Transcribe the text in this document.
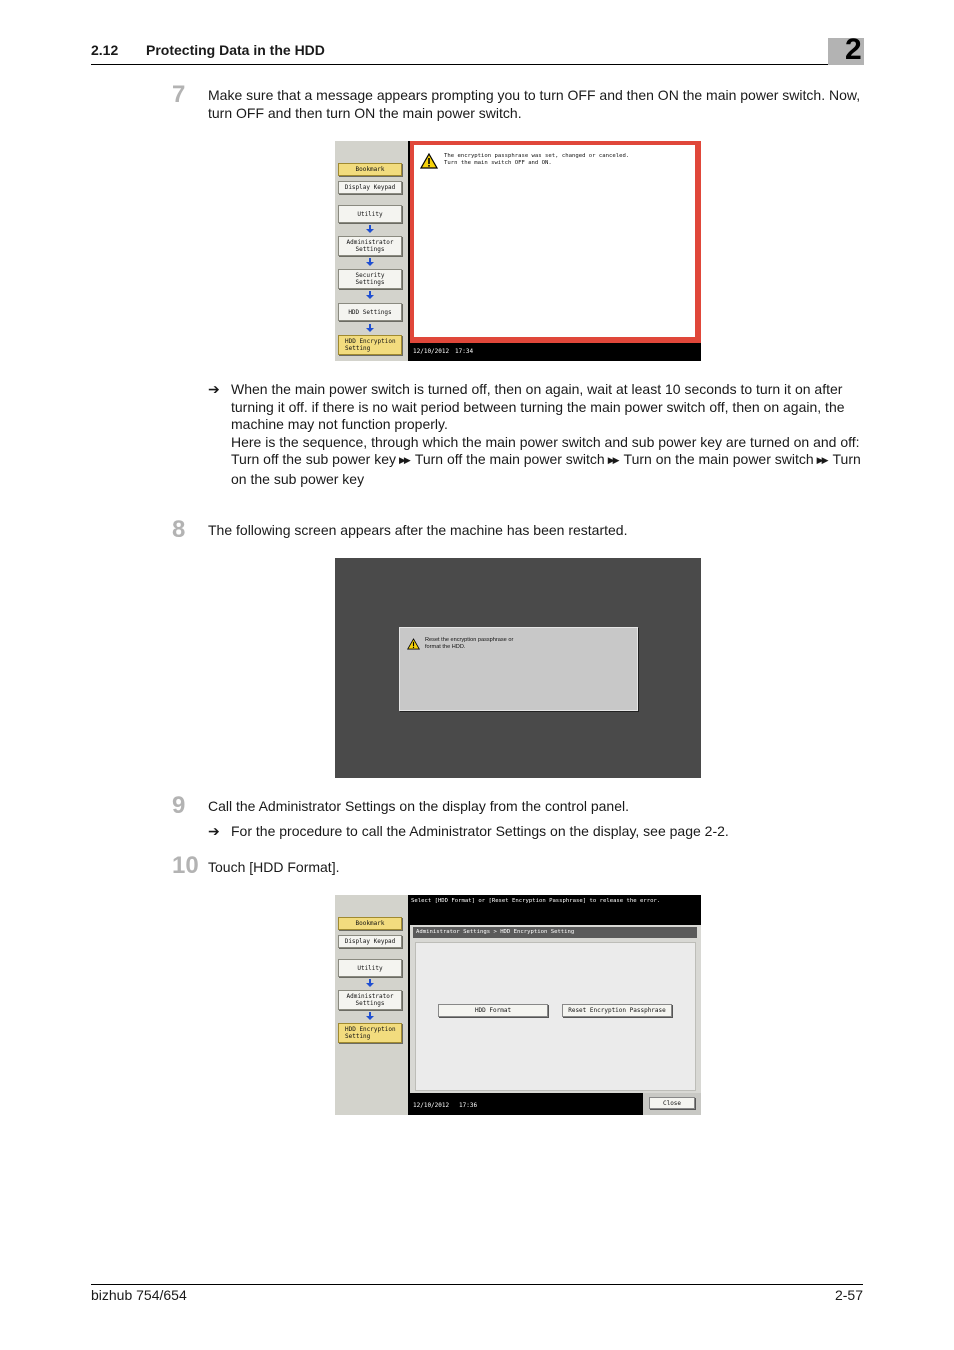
2.12 Protecting Data in the HDD	2
7 Make sure that a message appears prompting you to turn OFF and then ON the main power switch. Now, turn OFF and then turn ON the main power switch.
Bookmark
Display Keypad
Utility
Administrator
Settings
Security
Settings
HDD Settings
HDD Encryption
Setting
The encryption passphrase was set, changed or canceled.
Turn the main switch OFF and ON.
12/10/2012 17:34
➔ When the main power switch is turned off, then on again, wait at least 10 seconds to turn it on after turning it off. if there is no wait period between turning the main power switch off, then on again, the machine may not function properly.
Here is the sequence, through which the main power switch and sub power key are turned on and off:
Turn off the sub power key ▶▶ Turn off the main power switch ▶▶ Turn on the main power switch ▶▶ Turn on the sub power key
8 The following screen appears after the machine has been restarted.
Reset the encryption passphrase or
format the HDD.
9 Call the Administrator Settings on the display from the control panel.
➔ For the procedure to call the Administrator Settings on the display, see page 2-2.
10 Touch [HDD Format].
Bookmark
Display Keypad
Utility
Administrator
Settings
HDD Encryption
Setting
Select [HDD Format] or [Reset Encryption Passphrase] to release the error.
Administrator Settings > HDD Encryption Setting
HDD Format	Reset Encryption Passphrase
12/10/2012 17:36	Close
bizhub 754/654	2-57
